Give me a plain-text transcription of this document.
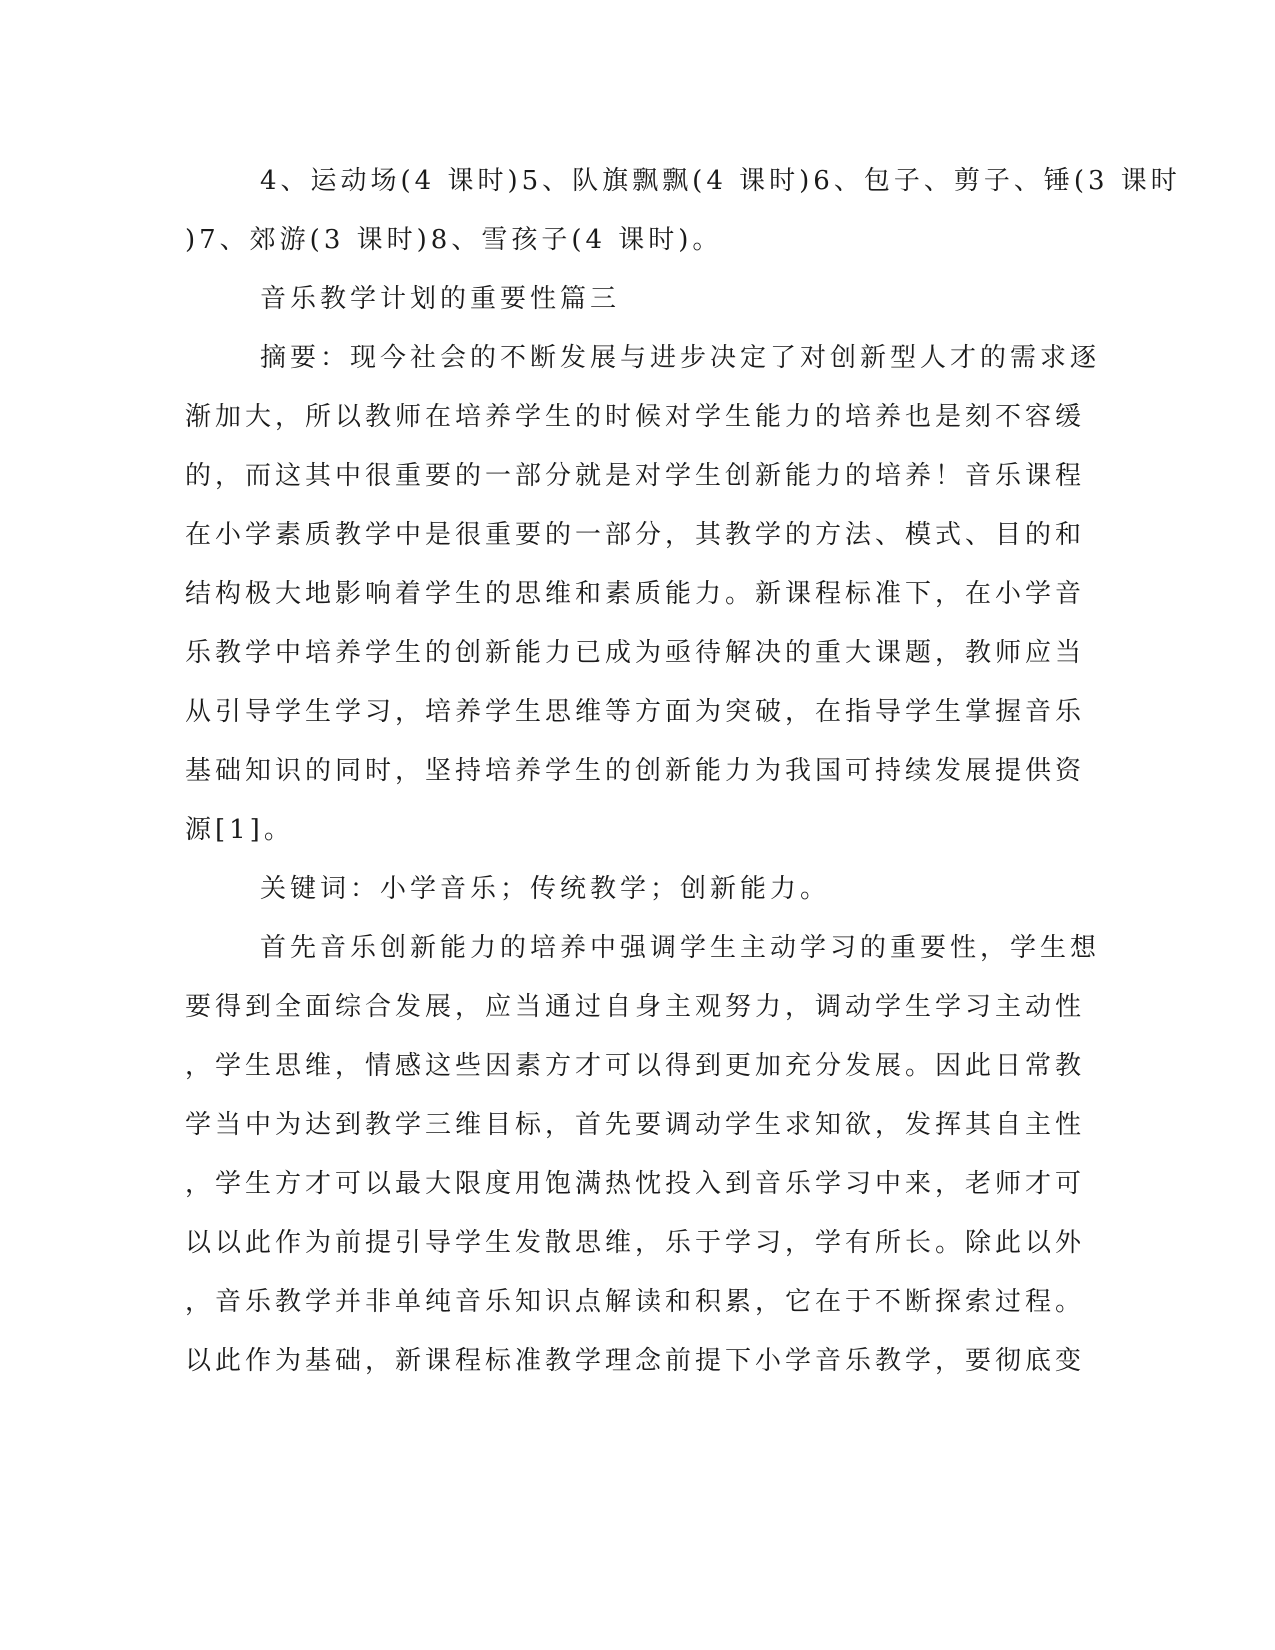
4、运动场(4 课时)5、队旗飘飘(4 课时)6、包子、剪子、锤(3 课时
)7、郊游(3 课时)8、雪孩子(4 课时)。
音乐教学计划的重要性篇三
摘要：现今社会的不断发展与进步决定了对创新型人才的需求逐
渐加大，所以教师在培养学生的时候对学生能力的培养也是刻不容缓
的，而这其中很重要的一部分就是对学生创新能力的培养！音乐课程
在小学素质教学中是很重要的一部分，其教学的方法、模式、目的和
结构极大地影响着学生的思维和素质能力。新课程标准下，在小学音
乐教学中培养学生的创新能力已成为亟待解决的重大课题，教师应当
从引导学生学习，培养学生思维等方面为突破，在指导学生掌握音乐
基础知识的同时，坚持培养学生的创新能力为我国可持续发展提供资
源[1]。
关键词：小学音乐；传统教学；创新能力。
首先音乐创新能力的培养中强调学生主动学习的重要性，学生想
要得到全面综合发展，应当通过自身主观努力，调动学生学习主动性
，学生思维，情感这些因素方才可以得到更加充分发展。因此日常教
学当中为达到教学三维目标，首先要调动学生求知欲，发挥其自主性
，学生方才可以最大限度用饱满热忱投入到音乐学习中来，老师才可
以以此作为前提引导学生发散思维，乐于学习，学有所长。除此以外
，音乐教学并非单纯音乐知识点解读和积累，它在于不断探索过程。
以此作为基础，新课程标准教学理念前提下小学音乐教学，要彻底变
